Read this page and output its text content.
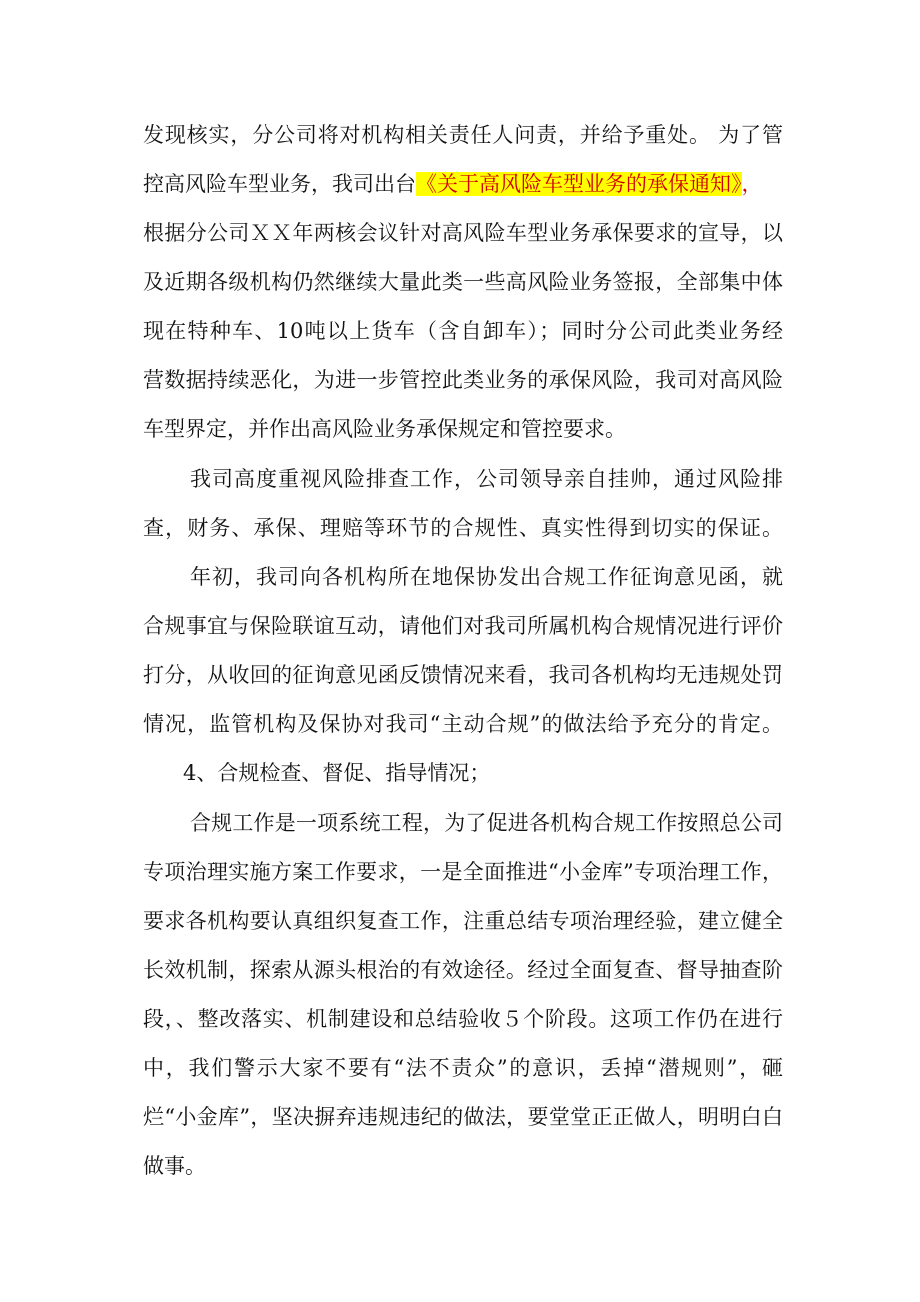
发现核实，分公司将对机构相关责任人问责，并给予重处。 为了管
控高风险车型业务，我司出台《关于高风险车型业务的承保通知》，
根据分公司ＸＸ年两核会议针对高风险车型业务承保要求的宣导，以
及近期各级机构仍然继续大量此类一些高风险业务签报，全部集中体
现在特种车、10吨以上货车（含自卸车）；同时分公司此类业务经
营数据持续恶化，为进一步管控此类业务的承保风险，我司对高风险
车型界定，并作出高风险业务承保规定和管控要求。
我司高度重视风险排查工作，公司领导亲自挂帅，通过风险排
查，财务、承保、理赔等环节的合规性、真实性得到切实的保证。
年初，我司向各机构所在地保协发出合规工作征询意见函，就
合规事宜与保险联谊互动，请他们对我司所属机构合规情况进行评价
打分，从收回的征询意见函反馈情况来看，我司各机构均无违规处罚
情况，监管机构及保协对我司“主动合规”的做法给予充分的肯定。
4、合规检查、督促、指导情况；
合规工作是一项系统工程，为了促进各机构合规工作按照总公司
专项治理实施方案工作要求，一是全面推进“小金库”专项治理工作，
要求各机构要认真组织复查工作，注重总结专项治理经验，建立健全
长效机制，探索从源头根治的有效途径。经过全面复查、督导抽查阶
段，、整改落实、机制建设和总结验收５个阶段。这项工作仍在进行
中，我们警示大家不要有“法不责众”的意识，丢掉“潜规则”，砸
烂“小金库”，坚决摒弃违规违纪的做法，要堂堂正正做人，明明白白
做事。
